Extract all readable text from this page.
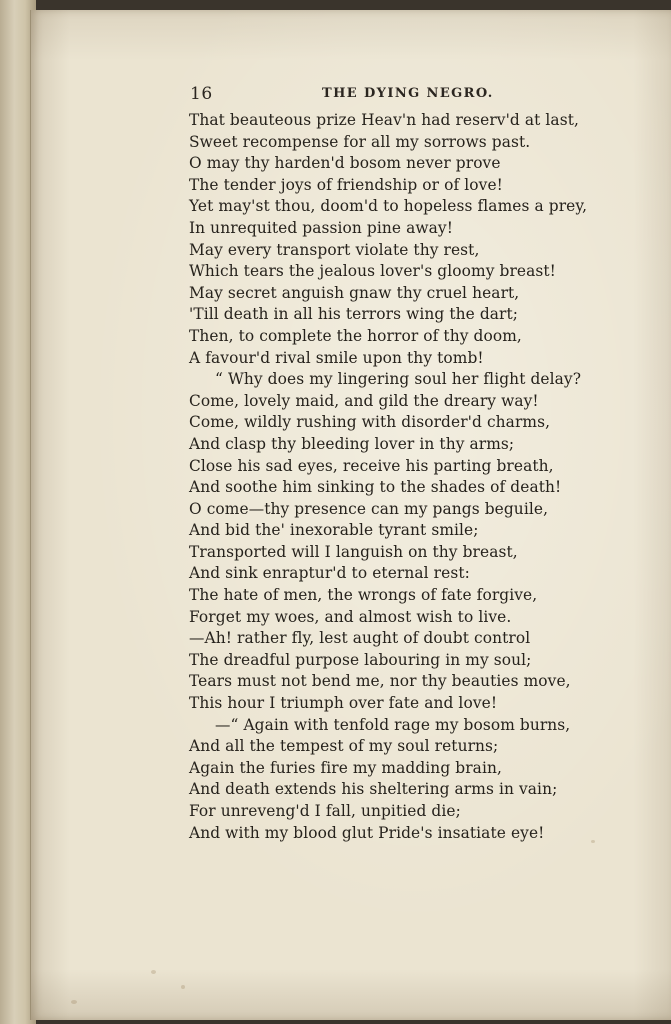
16	THE DYING NEGRO.
That beauteous prize Heav'n had reserv'd at last,
Sweet recompense for all my sorrows past.
O may thy harden'd bosom never prove
The tender joys of friendship or of love!
Yet may'st thou, doom'd to hopeless flames a prey,
In unrequited passion pine away!
May every transport violate thy rest,
Which tears the jealous lover's gloomy breast!
May secret anguish gnaw thy cruel heart,
'Till death in all his terrors wing the dart;
Then, to complete the horror of thy doom,
A favour'd rival smile upon thy tomb!
“ Why does my lingering soul her flight delay?
Come, lovely maid, and gild the dreary way!
Come, wildly rushing with disorder'd charms,
And clasp thy bleeding lover in thy arms;
Close his sad eyes, receive his parting breath,
And soothe him sinking to the shades of death!
O come—thy presence can my pangs beguile,
And bid the' inexorable tyrant smile;
Transported will I languish on thy breast,
And sink enraptur'd to eternal rest:
The hate of men, the wrongs of fate forgive,
Forget my woes, and almost wish to live.
—Ah! rather fly, lest aught of doubt control
The dreadful purpose labouring in my soul;
Tears must not bend me, nor thy beauties move,
This hour I triumph over fate and love!
—“ Again with tenfold rage my bosom burns,
And all the tempest of my soul returns;
Again the furies fire my madding brain,
And death extends his sheltering arms in vain;
For unreveng'd I fall, unpitied die;
And with my blood glut Pride's insatiate eye!
